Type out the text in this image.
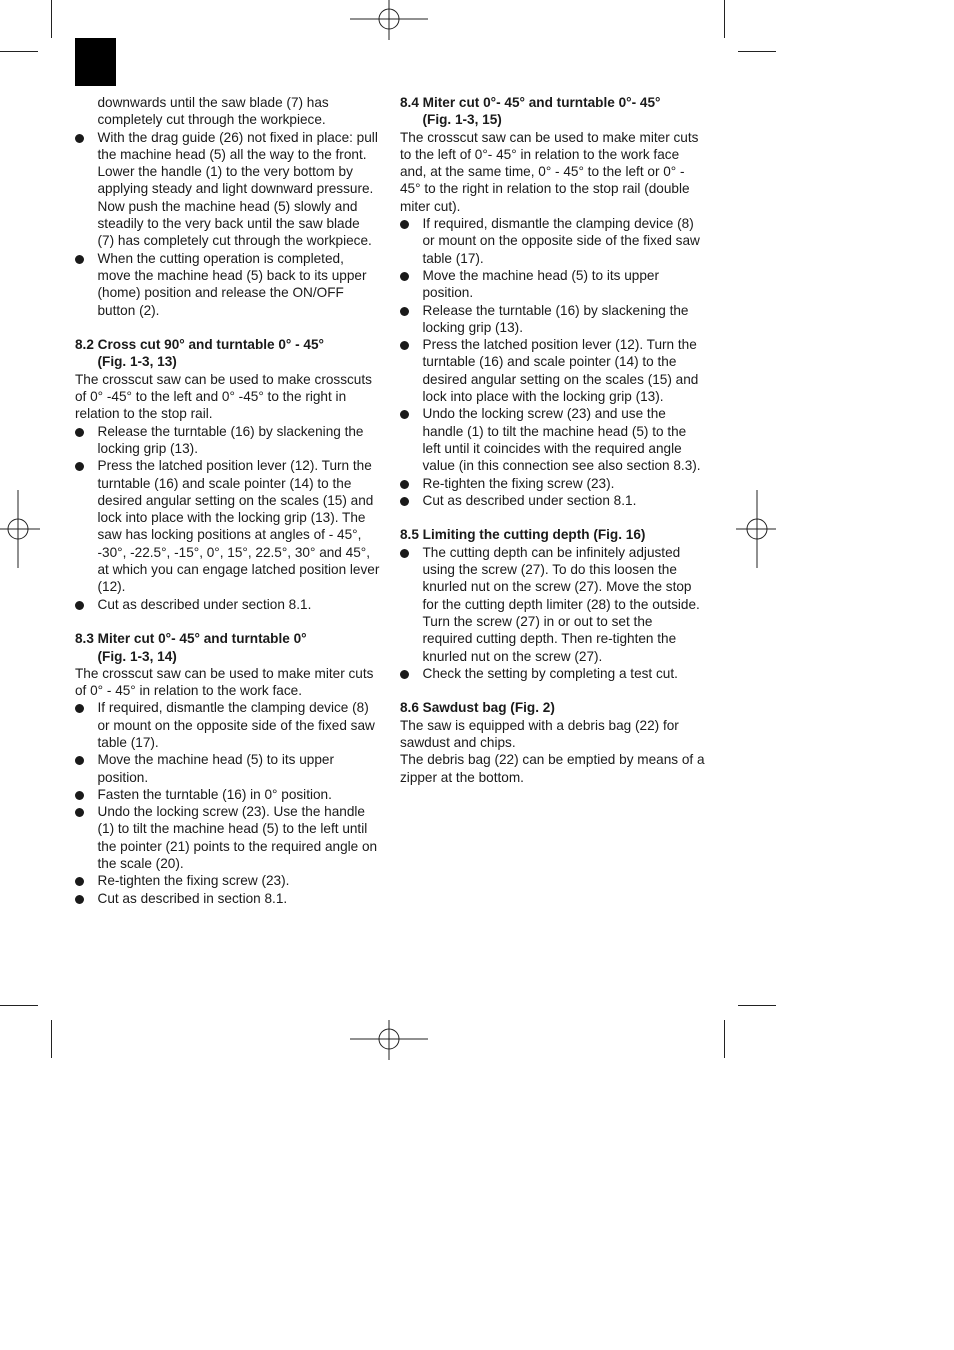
downwards until the saw blade (7) has completely cut through the workpiece.

With the drag guide (26) not fixed in place: pull the machine head (5) all the way to the front. Lower the handle (1) to the very bottom by applying steady and light downward pressure. Now push the machine head (5) slowly and steadily to the very back until the saw blade (7) has completely cut through the workpiece.
When the cutting operation is completed, move the machine head (5) back to its upper (home) position and release the ON/OFF button (2).

8.2 Cross cut 90° and turntable 0° - 45°
(Fig. 1-3, 13)

The crosscut saw can be used to make crosscuts of 0° -45° to the left and 0° -45° to the right in relation to the stop rail.

Release the turntable (16) by slackening the locking grip (13).
Press the latched position lever (12). Turn the turntable (16) and scale pointer (14) to the desired angular setting on the scales (15) and lock into place with the locking grip (13). The saw has locking positions at angles of - 45°, -30°, -22.5°, -15°, 0°, 15°, 22.5°, 30° and 45°, at which you can engage latched position lever (12).
Cut as described under section 8.1.

8.3 Miter cut 0°- 45° and turntable 0°
(Fig. 1-3, 14)

The crosscut saw can be used to make miter cuts of 0° - 45° in relation to the work face.

If required, dismantle the clamping device (8) or mount on the opposite side of the fixed saw table (17).
Move the machine head (5) to its upper position.
Fasten the turntable (16) in 0° position.
Undo the locking screw (23). Use the handle (1) to tilt the machine head (5) to the left until the pointer (21) points to the required angle on the scale (20).
Re-tighten the fixing screw (23).
Cut as described in section 8.1.

8.4 Miter cut 0°- 45° and turntable 0°- 45°
(Fig. 1-3, 15)

The crosscut saw can be used to make miter cuts to the left of 0°- 45° in relation to the work face and, at the same time, 0° - 45° to the left or 0° - 45° to the right in relation to the stop rail (double miter cut).

If required, dismantle the clamping device (8) or mount on the opposite side of the fixed saw table (17).
Move the machine head (5) to its upper position.
Release the turntable (16) by slackening the locking grip (13).
Press the latched position lever (12). Turn the turntable (16) and scale pointer (14) to the desired angular setting on the scales (15) and lock into place with the locking grip (13).
Undo the locking screw (23) and use the handle (1) to tilt the machine head (5) to the left until it coincides with the required angle value (in this connection see also section 8.3).
Re-tighten the fixing screw (23).
Cut as described under section 8.1.

8.5 Limiting the cutting depth (Fig. 16)

The cutting depth can be infinitely adjusted using the screw (27). To do this loosen the knurled nut on the screw (27). Move the stop for the cutting depth limiter (28) to the outside. Turn the screw (27) in or out to set the required cutting depth. Then re-tighten the knurled nut on the screw (27).
Check the setting by completing a test cut.

8.6 Sawdust bag (Fig. 2)

The saw is equipped with a debris bag (22) for sawdust and chips.

The debris bag (22) can be emptied by means of a zipper at the bottom.
